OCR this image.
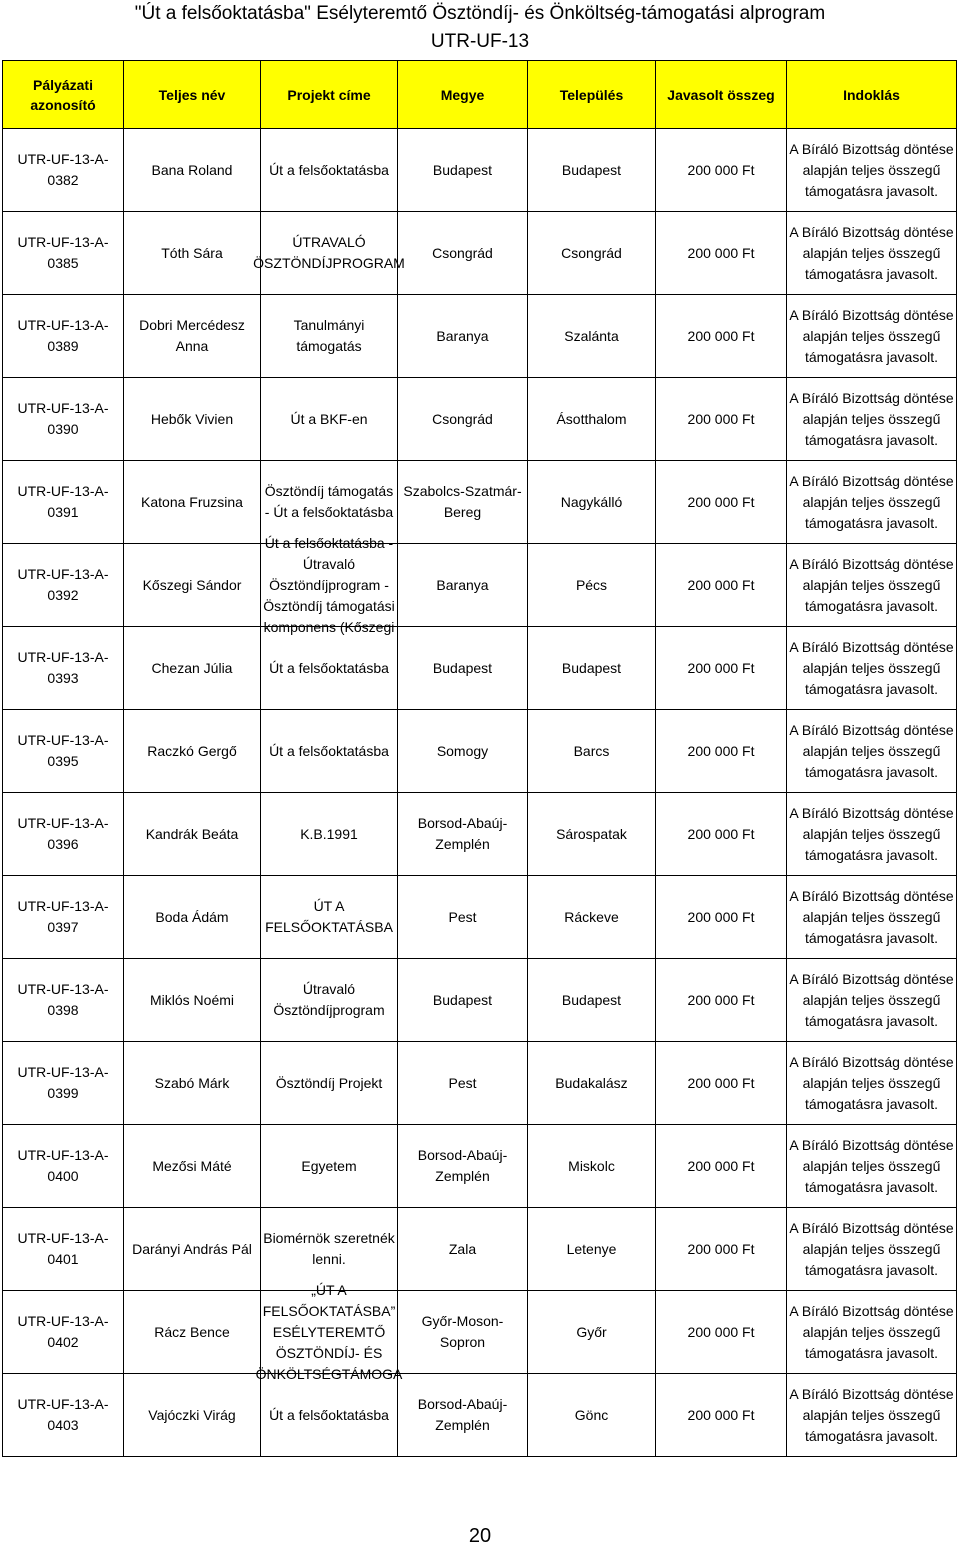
"Út a felsőoktatásba" Esélyteremtő Ösztöndíj- és Önköltség-támogatási alprogram
UTR-UF-13
Pályázati azonosító	Teljes név	Projekt címe	Megye	Település	Javasolt összeg	Indoklás

UTR-UF-13-A-0382	Bana Roland	Út a felsőoktatásba	Budapest	Budapest	200 000 Ft	A Bíráló Bizottság döntése alapján teljes összegű támogatásra javasolt.

UTR-UF-13-A-0385	Tóth Sára	ÚTRAVALÓ ÖSZTÖNDÍJPROGRAM	Csongrád	Csongrád	200 000 Ft	A Bíráló Bizottság döntése alapján teljes összegű támogatásra javasolt.

UTR-UF-13-A-0389	Dobri Mercédesz Anna	Tanulmányi támogatás	Baranya	Szalánta	200 000 Ft	A Bíráló Bizottság döntése alapján teljes összegű támogatásra javasolt.

UTR-UF-13-A-0390	Hebők Vivien	Út a BKF-en	Csongrád	Ásotthalom	200 000 Ft	A Bíráló Bizottság döntése alapján teljes összegű támogatásra javasolt.

UTR-UF-13-A-0391	Katona Fruzsina	Ösztöndíj támogatás - Út a felsőoktatásba	Szabolcs-Szatmár-Bereg	Nagykálló	200 000 Ft	A Bíráló Bizottság döntése alapján teljes összegű támogatásra javasolt.

UTR-UF-13-A-0392	Kőszegi Sándor	Út a felsőoktatásba - Útravaló Ösztöndíjprogram - Ösztöndíj támogatási komponens (Kőszegi	Baranya	Pécs	200 000 Ft	A Bíráló Bizottság döntése alapján teljes összegű támogatásra javasolt.

UTR-UF-13-A-0393	Chezan Júlia	Út a felsőoktatásba	Budapest	Budapest	200 000 Ft	A Bíráló Bizottság döntése alapján teljes összegű támogatásra javasolt.

UTR-UF-13-A-0395	Raczkó Gergő	Út a felsőoktatásba	Somogy	Barcs	200 000 Ft	A Bíráló Bizottság döntése alapján teljes összegű támogatásra javasolt.

UTR-UF-13-A-0396	Kandrák Beáta	K.B.1991	Borsod-Abaúj-Zemplén	Sárospatak	200 000 Ft	A Bíráló Bizottság döntése alapján teljes összegű támogatásra javasolt.

UTR-UF-13-A-0397	Boda Ádám	ÚT A FELSŐOKTATÁSBA	Pest	Ráckeve	200 000 Ft	A Bíráló Bizottság döntése alapján teljes összegű támogatásra javasolt.

UTR-UF-13-A-0398	Miklós Noémi	Útravaló Ösztöndíjprogram	Budapest	Budapest	200 000 Ft	A Bíráló Bizottság döntése alapján teljes összegű támogatásra javasolt.

UTR-UF-13-A-0399	Szabó Márk	Ösztöndíj Projekt	Pest	Budakalász	200 000 Ft	A Bíráló Bizottság döntése alapján teljes összegű támogatásra javasolt.

UTR-UF-13-A-0400	Mezősi Máté	Egyetem	Borsod-Abaúj-Zemplén	Miskolc	200 000 Ft	A Bíráló Bizottság döntése alapján teljes összegű támogatásra javasolt.

UTR-UF-13-A-0401	Darányi András Pál	Biomérnök szeretnék lenni.	Zala	Letenye	200 000 Ft	A Bíráló Bizottság döntése alapján teljes összegű támogatásra javasolt.

UTR-UF-13-A-0402	Rácz Bence	„ÚT A FELSŐOKTATÁSBA” ESÉLYTEREMTŐ ÖSZTÖNDÍJ- ÉS ÖNKÖLTSÉGTÁMOGA	Győr-Moson-Sopron	Győr	200 000 Ft	A Bíráló Bizottság döntése alapján teljes összegű támogatásra javasolt.

UTR-UF-13-A-0403	Vajóczki Virág	Út a felsőoktatásba	Borsod-Abaúj-Zemplén	Gönc	200 000 Ft	A Bíráló Bizottság döntése alapján teljes összegű támogatásra javasolt.
20
